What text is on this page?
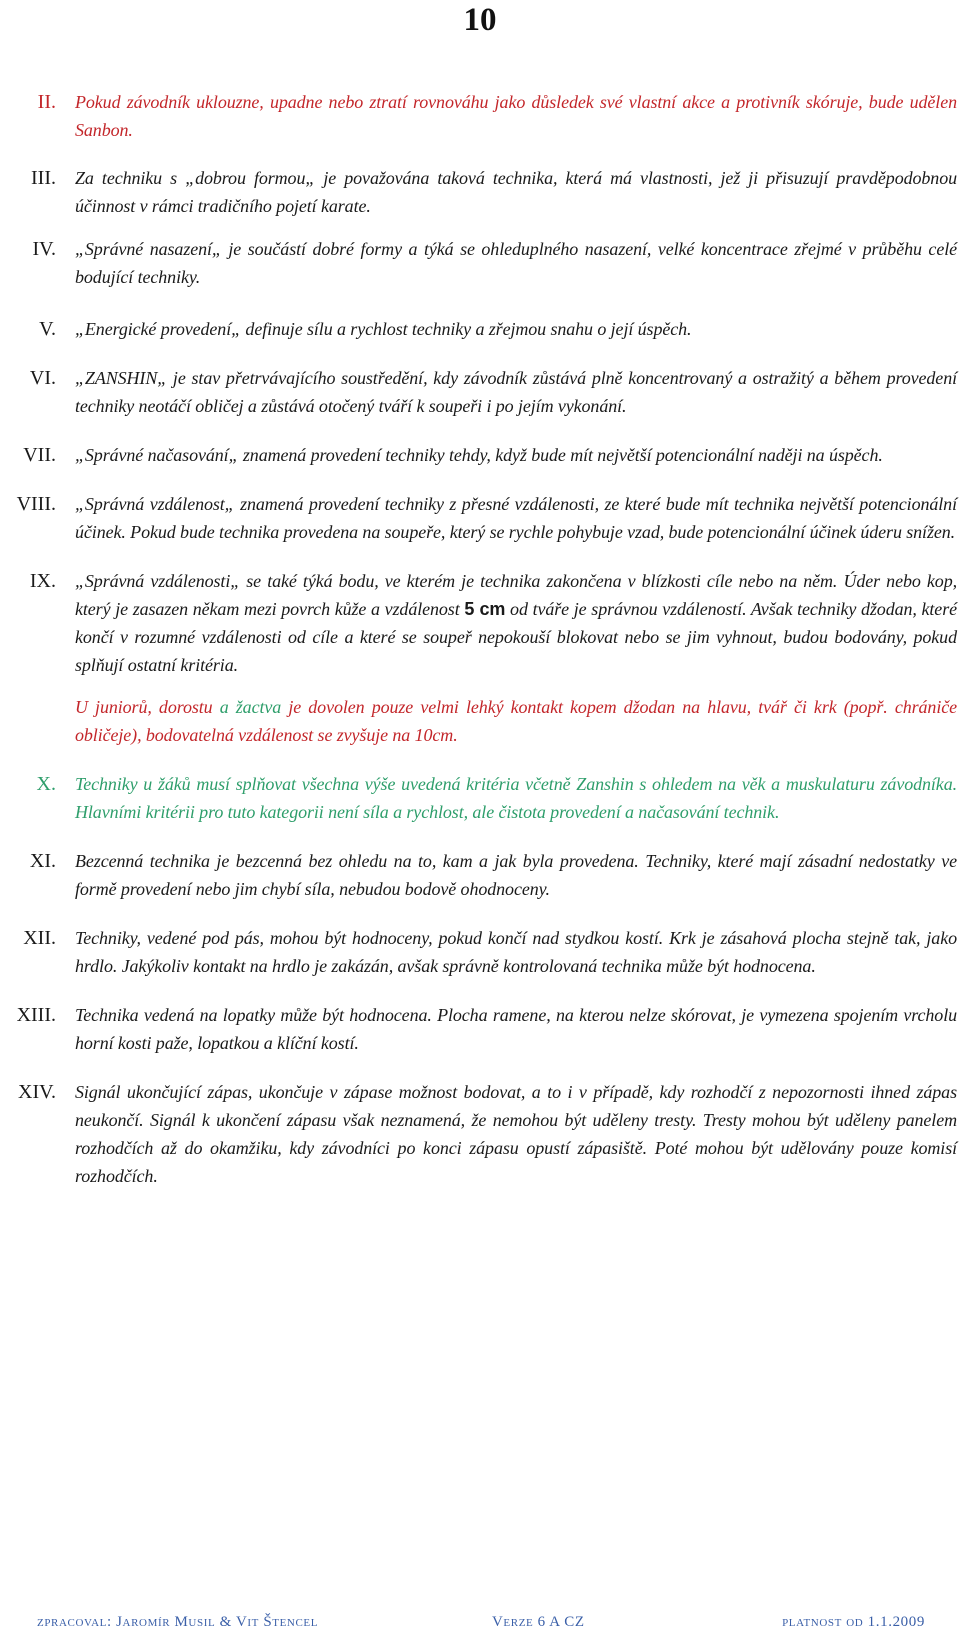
10
II. Pokud závodník uklouzne, upadne nebo ztratí rovnováhu jako důsledek své vlastní akce a protivník skóruje, bude udělen Sanbon.
III. Za techniku s „dobrou formou„ je považována taková technika, která má vlastnosti, jež ji přisuzují pravděpodobnou účinnost v rámci tradičního pojetí karate.
IV. „Správné nasazení„ je součástí dobré formy a týká se ohleduplného nasazení, velké koncentrace zřejmé v průběhu celé bodující techniky.
V. „Energické provedení„ definuje sílu a rychlost techniky a zřejmou snahu o její úspěch.
VI. „ZANSHIN„ je stav přetrvávajícího soustředění, kdy závodník zůstává plně koncentrovaný a ostražitý a během provedení techniky neotáčí obličej a zůstává otočený tváří k soupeři i po jejím vykonání.
VII. „Správné načasování„ znamená provedení techniky tehdy, když bude mít největší potencionální naději na úspěch.
VIII. „Správná vzdálenost„ znamená provedení techniky z přesné vzdálenosti, ze které bude mít technika největší potencionální účinek. Pokud bude technika provedena na soupeře, který se rychle pohybuje vzad, bude potencionální účinek úderu snížen.
IX. „Správná vzdálenosti„ se také týká bodu, ve kterém je technika zakončena v blízkosti cíle nebo na něm. Úder nebo kop, který je zasazen někam mezi povrch kůže a vzdálenost 5 cm od tváře je správnou vzdáleností. Avšak techniky džodan, které končí v rozumné vzdálenosti od cíle a které se soupeř nepokouší blokovat nebo se jim vyhnout, budou bodovány, pokud splňují ostatní kritéria.
U juniorů, dorostu a žactva je dovolen pouze velmi lehký kontakt kopem džodan na hlavu, tvář či krk (popř. chrániče obličeje), bodovatelná vzdálenost se zvyšuje na 10cm.
X. Techniky u žáků musí splňovat všechna výše uvedená kritéria včetně Zanshin s ohledem na věk a muskulaturu závodníka. Hlavními kritérii pro tuto kategorii není síla a rychlost, ale čistota provedení a načasování technik.
XI. Bezcenná technika je bezcenná bez ohledu na to, kam a jak byla provedena. Techniky, které mají zásadní nedostatky ve formě provedení nebo jim chybí síla, nebudou bodově ohodnoceny.
XII. Techniky, vedené pod pás, mohou být hodnoceny, pokud končí nad stydkou kostí. Krk je zásahová plocha stejně tak, jako hrdlo. Jakýkoliv kontakt na hrdlo je zakázán, avšak správně kontrolovaná technika může být hodnocena.
XIII. Technika vedená na lopatky může být hodnocena. Plocha ramene, na kterou nelze skórovat, je vymezena spojením vrcholu horní kosti paže, lopatkou a klíční kostí.
XIV. Signál ukončující zápas, ukončuje v zápase možnost bodovat, a to i v případě, kdy rozhodčí z nepozornosti ihned zápas neukončí. Signál k ukončení zápasu však neznamená, že nemohou být uděleny tresty. Tresty mohou být uděleny panelem rozhodčích až do okamžiku, kdy závodníci po konci zápasu opustí zápasiště. Poté mohou být udělovány pouze komisí rozhodčích.
zpracoval: Jaromír Musil & Vit Štencel	Verze 6 A CZ	platnost od 1.1.2009
